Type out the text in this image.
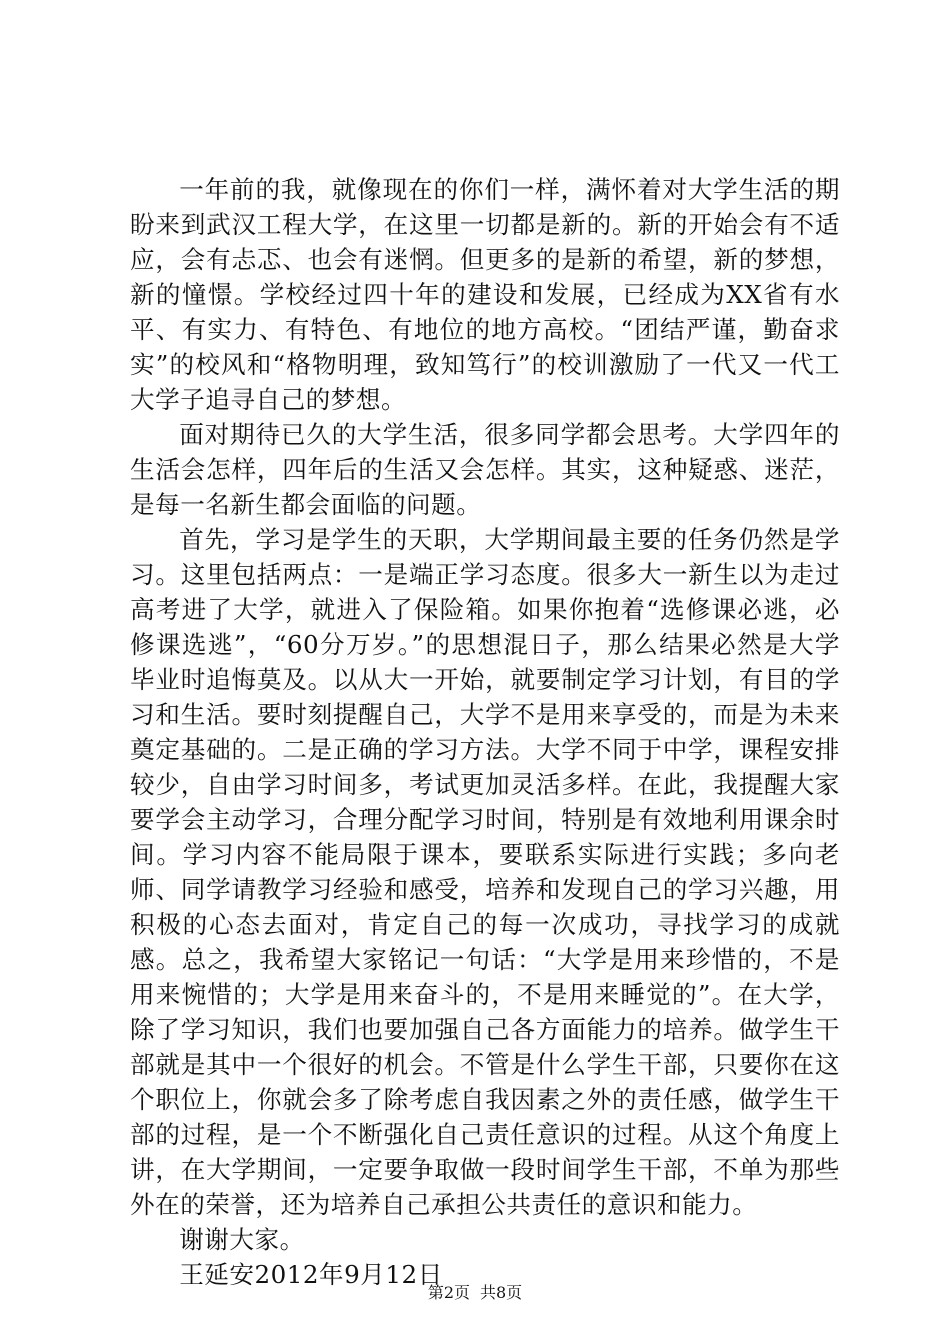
一年前的我，就像现在的你们一样，满怀着对大学生活的期盼来到武汉工程大学，在这里一切都是新的。新的开始会有不适应，会有忐忑、也会有迷惘。但更多的是新的希望，新的梦想，新的憧憬。学校经过四十年的建设和发展，已经成为XX省有水平、有实力、有特色、有地位的地方高校。“团结严谨，勤奋求实”的校风和“格物明理，致知笃行”的校训激励了一代又一代工大学子追寻自己的梦想。

面对期待已久的大学生活，很多同学都会思考。大学四年的生活会怎样，四年后的生活又会怎样。其实，这种疑惑、迷茫，是每一名新生都会面临的问题。

首先，学习是学生的天职，大学期间最主要的任务仍然是学习。这里包括两点：一是端正学习态度。很多大一新生以为走过高考进了大学，就进入了保险箱。如果你抱着“选修课必逃，必修课选逃”，“60分万岁。”的思想混日子，那么结果必然是大学毕业时追悔莫及。以从大一开始，就要制定学习计划，有目的学习和生活。要时刻提醒自己，大学不是用来享受的，而是为未来奠定基础的。二是正确的学习方法。大学不同于中学，课程安排较少，自由学习时间多，考试更加灵活多样。在此，我提醒大家要学会主动学习，合理分配学习时间，特别是有效地利用课余时间。学习内容不能局限于课本，要联系实际进行实践；多向老师、同学请教学习经验和感受，培养和发现自己的学习兴趣，用积极的心态去面对，肯定自己的每一次成功，寻找学习的成就感。总之，我希望大家铭记一句话：“大学是用来珍惜的，不是用来惋惜的；大学是用来奋斗的，不是用来睡觉的”。在大学，除了学习知识，我们也要加强自己各方面能力的培养。做学生干部就是其中一个很好的机会。不管是什么学生干部，只要你在这个职位上，你就会多了除考虑自我因素之外的责任感，做学生干部的过程，是一个不断强化自己责任意识的过程。从这个角度上讲，在大学期间，一定要争取做一段时间学生干部，不单为那些外在的荣誉，还为培养自己承担公共责任的意识和能力。

谢谢大家。

王延安2012年9月12日

第2页 共8页
